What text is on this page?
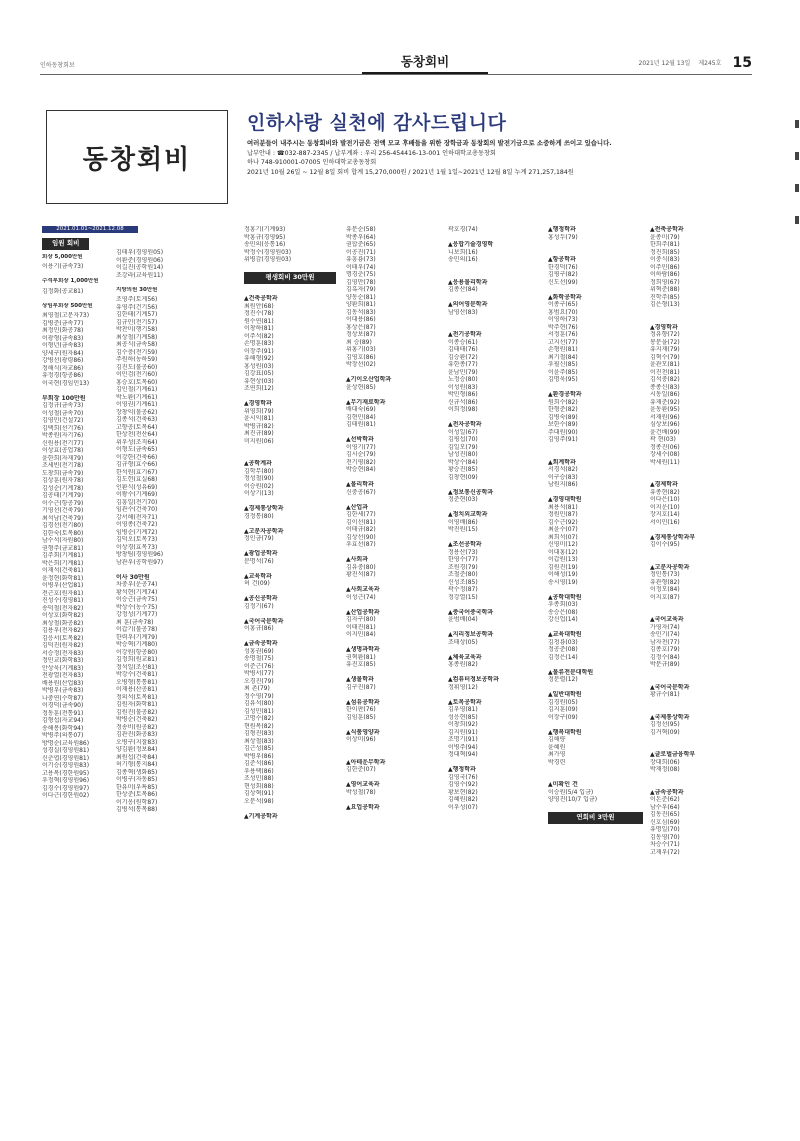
인하동창회보	동창회비	2021년 12월 13일 제245호 15
동창회비
인하사랑 실천에 감사드립니다
여러분들이 내주시는 동창회비와 발전기금은 전액 모교 후배들을 위한 장학금과 동창회의 발전기금으로 소중하게 쓰이고 있습니다.
납부안내 : ☎032-887-2345 / 납부계좌 : 우리 256-454416-13-001 인하대학교총동창회
하나 748-910001-07005 인하대학교총동창회
2021년 10월 26일 ~ 12월 8일 회비 합계 15,270,000원 / 2021년 1월 1일~2021년 12월 8일 누계 271,257,184원
2021.01.01~2021.12.08
임원 회비
회장 5,000만원
이용기(금속73)
수석부회장 1,000만원
김정화(공교81)
상임부회장 500만원
최영철(고분자73)
김병준(금속77)
최정민(화공78)
이광형(금속83)
이형년(금속83)
양세구(원자84)
강병선(광령86)
정해식(자교86)
유정경(항공86)
이국현(경임민13)
부회장 100만원
김정규(금속73)
이성철(금속70)
김영민(건설72)
김택희(선기76)
박종원(자기76)
신원용(전기77)
이상효(공업78)
윤한희(자재79)
조세빈(전기78)
도창희(금속79)
김상훈(원자78)
김성순(기계78)
김공태(기계79)
이수근(항공79)
기영선(건축79)
최석남(건축79)
김경선(전기80)
김한숙(토목80)
남수석(자원80)
권형주(금교81)
김주회(기계81)
박은희(기계81)
이재석(건축81)
윤정현(화학81)
이병우(산업81)
전근호(원자81)
진성수(경영81)
송덕철(전자82)
이상호(화학82)
최상철(화공82)
김용우(전자82)
김응서(토목82)
김덕진(원자82)
서승정(전자83)
정민교(화학83)
안상욱(기계83)
전광열(전자83)
배용원(산업83)
박병우(금속83)
나중연(수학87)
이경덕(금속90)
정동훈(전통91)
김형섭(자교94)
송해봉(화학94)
박병주(의통07)
방명순(교육원86)
성경실(경영원81)
신춘엽(경영원81)
이기승(경영원83)
고용복(경한원95)
우정혁(경영원96)
김경수(경영원97)
이다근(경한원02)
김태우(경영원05)
이환준(경영원06)
이길진(공학원14)
조강라(교육원11)
지방의원 30만원
조영주(토게56)
유영주(건기56)
김한태(기계57)
김규민(전기57)
박찬미(행기58)
최상철(기계58)
최공식(금속58)
김수충(전기59)
주원하(농하59)
김진도(물공60)
이민검(전기60)
홍승호(토목60)
김인철(기계61)
박노환(기계61)
이영권(기계61)
장창익(물공62)
김종석(건축63)
고향공(토목64)
한상천(전산64)
위우성(조직64)
이형도(금속65)
이강한(건축66)
김규형(효수66)
한석원(효기67)
김도헌(효실68)
인환식(성유69)
이왕수(기계69)
김흥일(전기70)
임관수(건축70)
강서해(전자71)
이영종(건축72)
임병순(기계72)
김덕오(토목73)
이상경(효목73)
방창팀(경영원96)
남관우(공학원97)
이사 30만원
차중우(운공74)
황석현(기계74)
이승근(금속75)
박상수(농수75)
강정성(기계77)
최 훈(금속78)
이갑기(물공78)
한력우(기계79)
박승혁(기계80)
이강원(항공80)
김정희(원교81)
정석일(조선81)
박강수(건축81)
오병형(통통81)
이재용(산공81)
정의석(토목81)
김원자(화학81)
김원진(물공82)
박병순(건축82)
정송비(원공82)
김관진(화공83)
오병구(지잘83)
양김환(정보84)
최원섭(건축84)
허기형(통지84)
김종혁(생화85)
이병구(자동85)
한유미(우특85)
한상준(토목86)
이기옹(원학87)
김병석(통목88)
정홍기(기계93)
박홍규(경영95)
송민의(응통16)
박정수(경영원03)
위병감(경영원03)
평생회비 30만원
▲건축공학과
최원안(68)
정진수(78)
원수연(81)
이창하(81)
이주석(82)
손명훈(83)
이장주(91)
유해형(92)
홍성원(03)
김강표(05)
유현상(03)
조연희(12)
▲경영학과
위영희(79)
윤시익(81)
박병규(82)
최진규(89)
미지원(06)
▲공학계과
김학무(80)
정성철(90)
이승원(02)
이상기(13)
▲경제통상학과
경정통(80)
▲고분자공학과
정인금(79)
▲광업공학과
분명석(76)
▲교육학과
허 건(09)
▲공신공학과
김정기(67)
▲국어국문학과
이홍규(86)
▲금속공학과
성홍권(69)
송명철(75)
이준근(76)
박병서(77)
오경진(79)
최 촌(79)
정수영(79)
김유석(80)
김성민(81)
고명수(82)
현원복(82)
김형진(83)
최상철(83)
김근성(85)
박병우(86)
김준석(86)
우용택(86)
조성민(88)
현성회(88)
김상혁(91)
오문석(98)
▲기계공학과
유문순(58)
박종우(64)
권합준(65)
이공진(71)
유흥룡(73)
이태우(74)
명경춘(75)
김영만(78)
김혹자(79)
양동순(81)
양환희(81)
김동석(83)
이대용(86)
홍상은(87)
정상보(87)
최 승(89)
위홍기(03)
김영호(86)
박장선(02)
▲기이오산업학과
윤상현(85)
▲무기재료학과
배대숙(69)
김현민(84)
김태원(81)
▲선박학과
이영기(77)
김시순(79)
전기평(82)
박승현(84)
▲물리학과
신중공(67)
▲산업과
김한세(77)
김이선(81)
이태규(82)
김상선(90)
우효선(87)
▲사회과
김유중(80)
황진석(87)
▲사회교육과
이성근(74)
▲산업공학과
김자구(80)
이태진(81)
이지민(84)
▲생명과학과
권혁환(81)
유진호(85)
▲생물학과
김구진(87)
▲섬유공학과
한이판(76)
김임훈(85)
▲식품영양과
이상미(96)
▲아테운무학과
김한준(07)
▲영어교육과
박성철(78)
▲요업공학과
곽호경(74)
▲응합기술경영학
니보희(16)
송민의(16)
▲응용물리학과
김종산(84)
▲의어영문학과
남영산(83)
▲전기공학과
이종승(61)
김태태(76)
김승환(72)
유한종(77)
윤남민(79)
노정승(80)
이성원(83)
박민형(86)
신규석(86)
이희정(98)
▲전자공학과
이성일(67)
김평섭(70)
김일모(79)
남성진(80)
박상수(84)
황승진(85)
김창현(09)
▲정보통신공학과
정준현(03)
▲정치외교학과
이영배(86)
박진원(15)
▲조선공학과
정용산(73)
한영수(77)
조원경(79)
조철준(80)
신성조(85)
곽수정(87)
정강열(15)
▲중국어중국학과
윤범배(04)
▲지리정보공학과
조태상(05)
▲체육교육과
홍종원(82)
▲컴퓨터정보공학과
정휘영(12)
▲토목공학과
김우영(81)
성응현(85)
이창희(92)
김지원(91)
조명기(91)
이병주(94)
정대혁(94)
▲행정학과
김영국(76)
김영수(92)
황보현(82)
김혜원(82)
이우성(07)
▲행정학과
홍성두(79)
▲항공학과
한경덕(76)
김평구(82)
신도선(99)
▲화학공학과
이종구(65)
홍범요(70)
이영하(73)
박주현(76)
서정훈(76)
고지선(77)
손형원(81)
최기철(84)
우필신(85)
이윤주(85)
김명욱(95)
▲환경공학과
원희수(82)
한형준(82)
김병숙(89)
보한수(89)
주대원(90)
김영주(91)
▲회계학과
서경석(82)
이구승(83)
남원지(86)
▲경영대학원
최용석(81)
정원민(87)
김수근(92)
최윤수(07)
최희석(07)
신영미(12)
이대홍(12)
이갑원(13)
김원진(19)
이해성(19)
송시영(19)
▲공학대학원
우종회(03)
송승은(08)
강신업(14)
▲교육대학원
김청룡(03)
정공준(08)
김정은(14)
▲물류전문대학원
정문렬(12)
▲일반대학원
김경원(05)
김지훈(09)
이장구(09)
▲행복대학원
김해량
윤혜원
최가영
박경련
▲미확인 건
이승원(5/4 입금)
양영진(10/7 입금)
연회비 3만원
▲전축공학과
윤종미(79)
한희주(81)
정진희(85)
이중식(83)
이주민(86)
이하람(86)
정희영(67)
위혁준(88)
진학주(85)
김은형(13)
▲경영학과
정유향(72)
봉문을(72)
유지재(79)
김혁수(79)
윤관모(81)
이진천(81)
김석중(82)
종종신(83)
시동일(86)
유재준(92)
윤동환(95)
서재원(96)
심상보(96)
윤건배(99)
곽 현(03)
정종진(06)
장세수(08)
박세원(11)
▲경제학과
유종현(82)
이다은(10)
이지운(10)
장지호(14)
서이민(16)
▲경제통상학과부
김이수(95)
▲고분자공학과
정민통(73)
유관형(82)
이정모(84)
이지호(87)
▲국어교육과
가영자(74)
송민기(74)
남자천(77)
김종호(79)
김정수(84)
박문규(89)
▲국어국문학과
황규수(81)
▲국제통상학과
김정선(95)
김거혁(09)
▲글로벌금융학부
장대희(06)
박재정(08)
▲금속공학과
이돈준(62)
남수우(64)
김동진(65)
신호심(69)
유명일(70)
김동영(70)
차승수(71)
고재우(72)
